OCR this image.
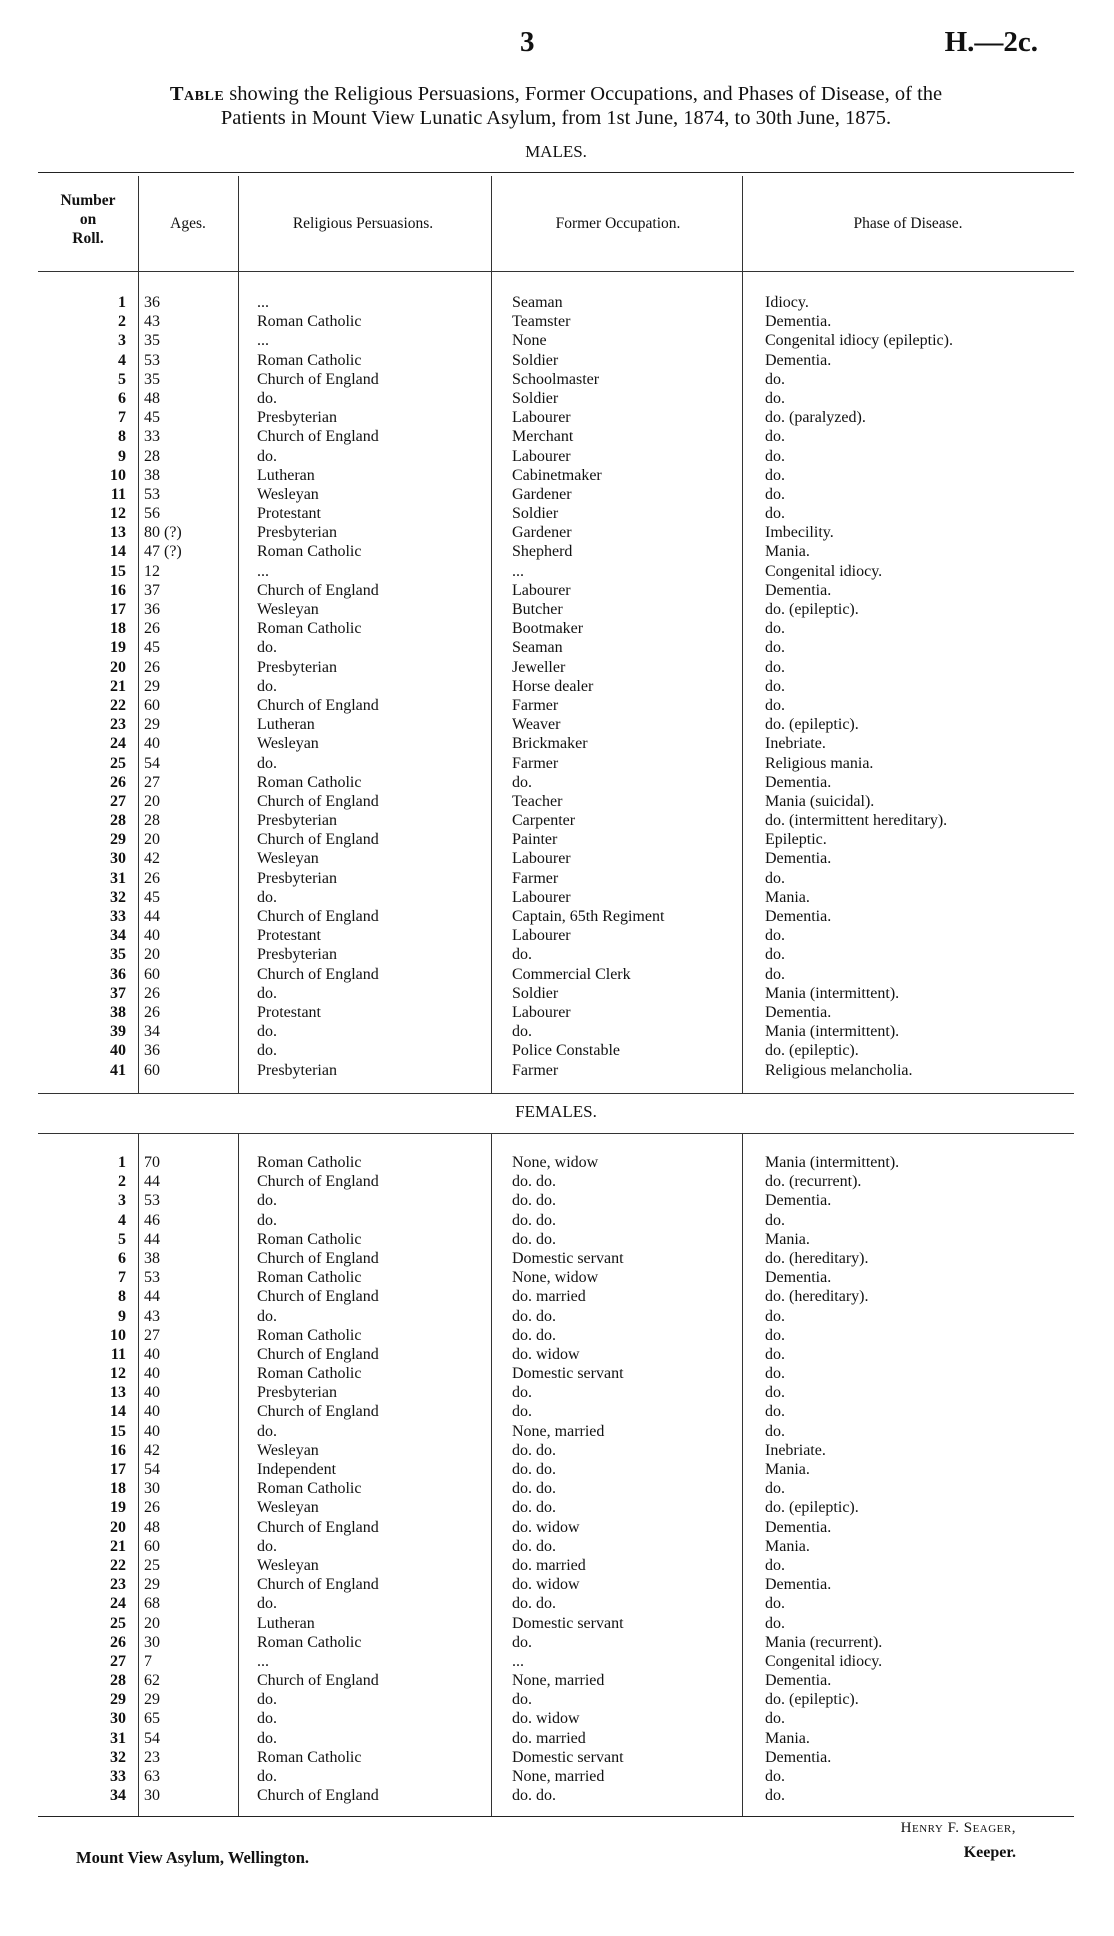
3	H.—2c.
Table showing the Religious Persuasions, Former Occupations, and Phases of Disease, of the
Patients in Mount View Lunatic Asylum, from 1st June, 1874, to 30th June, 1875.
MALES.
Number
on
Roll.
Ages.	Religious Persuasions.	Former Occupation.	Phase of Disease.
1 36	...	Seaman	Idiocy.
2 43	Roman Catholic	Teamster	Dementia.
3 35	...	None	Congenital idiocy (epileptic).
4 53	Roman Catholic	Soldier	Dementia.
5 35	Church of England	Schoolmaster	do.
6 48	do.	Soldier	do.
7 45	Presbyterian	Labourer	do. (paralyzed).
8 33	Church of England	Merchant	do.
9 28	do.	Labourer	do.
10 38	Lutheran	Cabinetmaker	do.
11 53	Wesleyan	Gardener	do.
12 56	Protestant	Soldier	do.
13 80 (?)	Presbyterian	Gardener	Imbecility.
14 47 (?)	Roman Catholic	Shepherd	Mania.
15 12	...	...	Congenital idiocy.
16 37	Church of England	Labourer	Dementia.
17 36	Wesleyan	Butcher	do. (epileptic).
18 26	Roman Catholic	Bootmaker	do.
19 45	do.	Seaman	do.
20 26	Presbyterian	Jeweller	do.
21 29	do.	Horse dealer	do.
22 60	Church of England	Farmer	do.
23 29	Lutheran	Weaver	do. (epileptic).
24 40	Wesleyan	Brickmaker	Inebriate.
25 54	do.	Farmer	Religious mania.
26 27	Roman Catholic	do.	Dementia.
27 20	Church of England	Teacher	Mania (suicidal).
28 28	Presbyterian	Carpenter	do. (intermittent hereditary).
29 20	Church of England	Painter	Epileptic.
30 42	Wesleyan	Labourer	Dementia.
31 26	Presbyterian	Farmer	do.
32 45	do.	Labourer	Mania.
33 44	Church of England	Captain, 65th Regiment	Dementia.
34 40	Protestant	Labourer	do.
35 20	Presbyterian	do.	do.
36 60	Church of England	Commercial Clerk	do.
37 26	do.	Soldier	Mania (intermittent).
38 26	Protestant	Labourer	Dementia.
39 34	do.	do.	Mania (intermittent).
40 36	do.	Police Constable	do. (epileptic).
41 60	Presbyterian	Farmer	Religious melancholia.
FEMALES.
1 70	Roman Catholic	None, widow	Mania (intermittent).
2 44	Church of England	do. do.	do. (recurrent).
3 53	do.	do. do.	Dementia.
4 46	do.	do. do.	do.
5 44	Roman Catholic	do. do.	Mania.
6 38	Church of England	Domestic servant	do. (hereditary).
7 53	Roman Catholic	None, widow	Dementia.
8 44	Church of England	do. married	do. (hereditary).
9 43	do.	do. do.	do.
10 27	Roman Catholic	do. do.	do.
11 40	Church of England	do. widow	do.
12 40	Roman Catholic	Domestic servant	do.
13 40	Presbyterian	do.	do.
14 40	Church of England	do.	do.
15 40	do.	None, married	do.
16 42	Wesleyan	do. do.	Inebriate.
17 54	Independent	do. do.	Mania.
18 30	Roman Catholic	do. do.	do.
19 26	Wesleyan	do. do.	do. (epileptic).
20 48	Church of England	do. widow	Dementia.
21 60	do.	do. do.	Mania.
22 25	Wesleyan	do. married	do.
23 29	Church of England	do. widow	Dementia.
24 68	do.	do. do.	do.
25 20	Lutheran	Domestic servant	do.
26 30	Roman Catholic	do.	Mania (recurrent).
27 7	...	...	Congenital idiocy.
28 62	Church of England	None, married	Dementia.
29 29	do.	do.	do. (epileptic).
30 65	do.	do. widow	do.
31 54	do.	do. married	Mania.
32 23	Roman Catholic	Domestic servant	Dementia.
33 63	do.	None, married	do.
34 30	Church of England	do. do.	do.
Mount View Asylum, Wellington.
Henry F. Seager,
Keeper.
